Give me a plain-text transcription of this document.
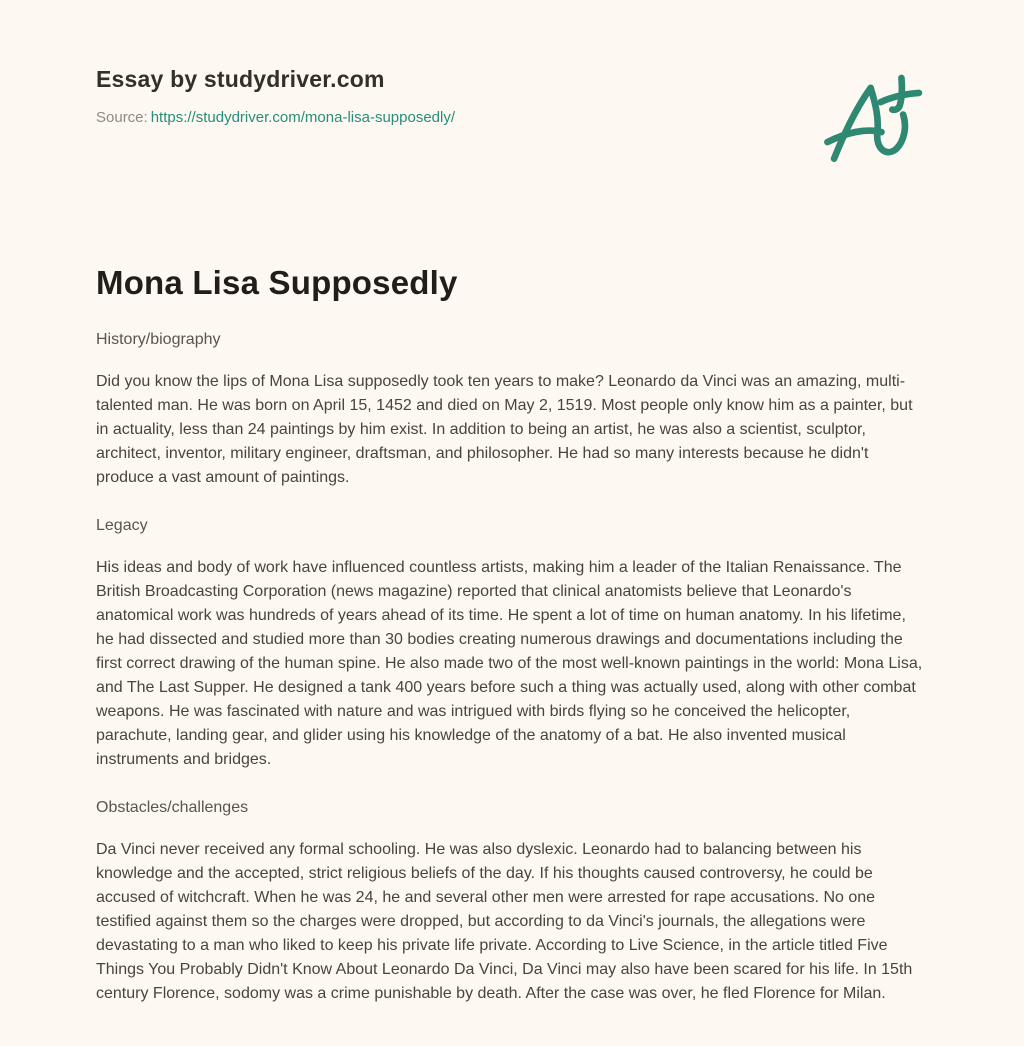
Essay by studydriver.com

Source: https://studydriver.com/mona-lisa-supposedly/

Mona Lisa Supposedly
History/biography

Did you know the lips of Mona Lisa supposedly took ten years to make? Leonardo da Vinci was an amazing, multi-talented man. He was born on April 15, 1452 and died on May 2, 1519. Most people only know him as a painter, but in actuality, less than 24 paintings by him exist. In addition to being an artist, he was also a scientist, sculptor, architect, inventor, military engineer, draftsman, and philosopher. He had so many interests because he didn't produce a vast amount of paintings.

Legacy

His ideas and body of work have influenced countless artists, making him a leader of the Italian Renaissance. The British Broadcasting Corporation (news magazine) reported that clinical anatomists believe that Leonardo's anatomical work was hundreds of years ahead of its time. He spent a lot of time on human anatomy. In his lifetime, he had dissected and studied more than 30 bodies creating numerous drawings and documentations including the first correct drawing of the human spine. He also made two of the most well-known paintings in the world: Mona Lisa, and The Last Supper. He designed a tank 400 years before such a thing was actually used, along with other combat weapons. He was fascinated with nature and was intrigued with birds flying so he conceived the helicopter, parachute, landing gear, and glider using his knowledge of the anatomy of a bat. He also invented musical instruments and bridges.

Obstacles/challenges

Da Vinci never received any formal schooling. He was also dyslexic. Leonardo had to balancing between his knowledge and the accepted, strict religious beliefs of the day. If his thoughts caused controversy, he could be accused of witchcraft. When he was 24, he and several other men were arrested for rape accusations. No one testified against them so the charges were dropped, but according to da Vinci's journals, the allegations were devastating to a man who liked to keep his private life private. According to Live Science, in the article titled Five Things You Probably Didn't Know About Leonardo Da Vinci, Da Vinci may also have been scared for his life. In 15th century Florence, sodomy was a crime punishable by death. After the case was over, he fled Florence for Milan.
